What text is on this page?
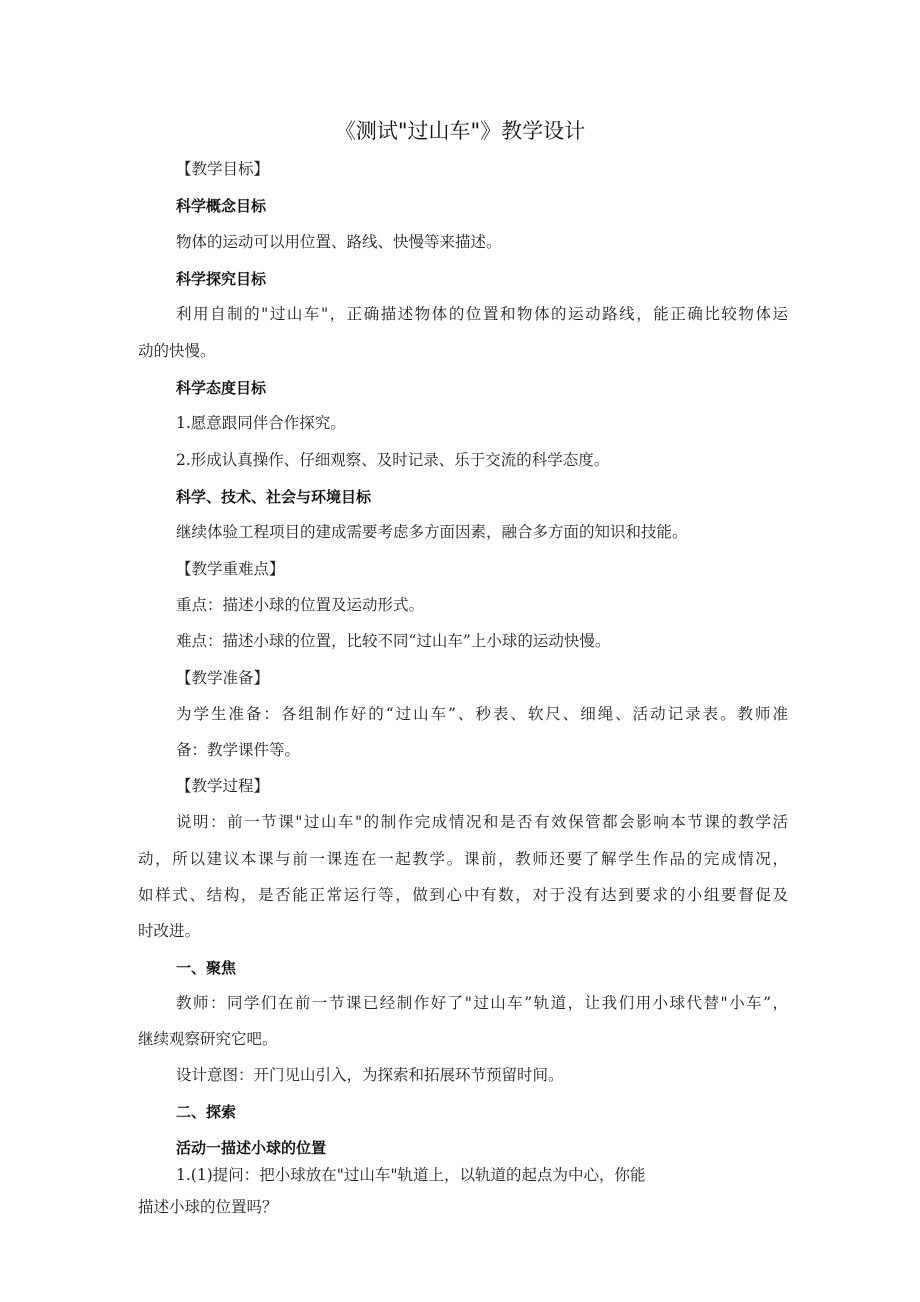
《测试"过山车"》教学设计
【教学目标】
科学概念目标
物体的运动可以用位置、路线、快慢等来描述。
科学探究目标
利用自制的"过山车"，正确描述物体的位置和物体的运动路线，能正确比较物体运
动的快慢。
科学态度目标
1.愿意跟同伴合作探究。
2.形成认真操作、仔细观察、及时记录、乐于交流的科学态度。
科学、技术、社会与环境目标
继续体验工程项目的建成需要考虑多方面因素，融合多方面的知识和技能。
【教学重难点】
重点：描述小球的位置及运动形式。
难点：描述小球的位置，比较不同“过山车”上小球的运动快慢。
【教学准备】
为学生准备：各组制作好的“过山车”、秒表、软尺、细绳、活动记录表。教师准
备：教学课件等。
【教学过程】
说明：前一节课"过山车"的制作完成情况和是否有效保管都会影响本节课的教学活
动，所以建议本课与前一课连在一起教学。课前，教师还要了解学生作品的完成情况，
如样式、结构，是否能正常运行等，做到心中有数，对于没有达到要求的小组要督促及
时改进。
一、聚焦
教师：同学们在前一节课已经制作好了"过山车”轨道，让我们用小球代替"小车”，
继续观察研究它吧。
设计意图：开门见山引入，为探索和拓展环节预留时间。
二、探索
活动一描述小球的位置
1.(1)提问：把小球放在"过山车"轨道上，以轨道的起点为中心，你能
描述小球的位置吗？
